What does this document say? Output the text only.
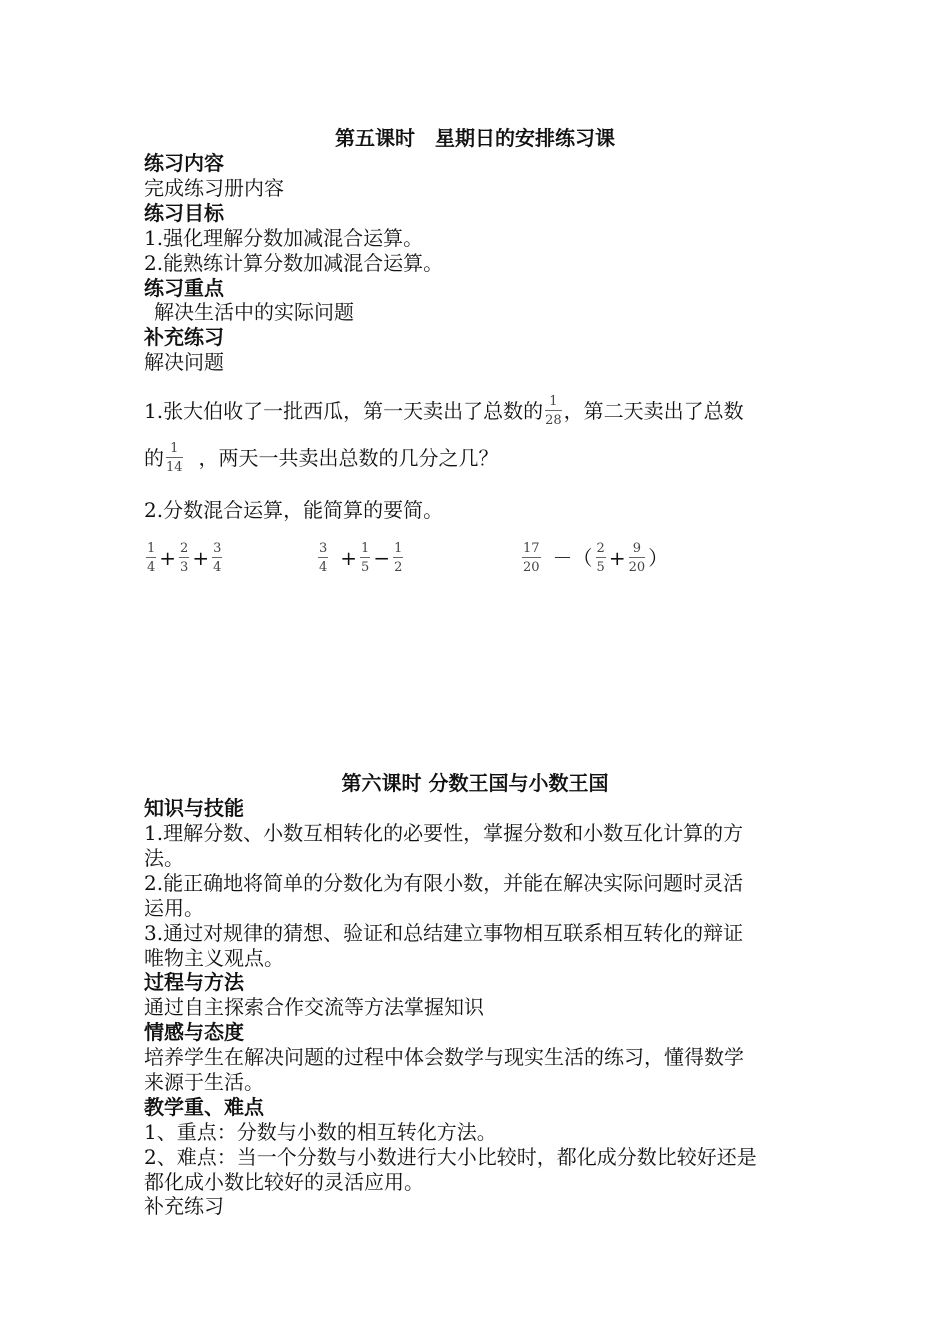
第五课时　星期日的安排练习课
练习内容
完成练习册内容
练习目标
1.强化理解分数加减混合运算。
2.能熟练计算分数加减混合运算。
练习重点
解决生活中的实际问题
补充练习
解决问题
1.张大伯收了一批西瓜，第一天卖出了总数的 $\frac{1}{28}$ ，第二天卖出了总数
的 $\frac{1}{14}$ ，两天一共卖出总数的几分之几？
2.分数混合运算，能简算的要简。
$\frac{1}{4} + \frac{2}{3} + \frac{3}{4}$	$\frac{3}{4} + \frac{1}{5} - \frac{1}{2}$	$\frac{17}{20}$ －（ $\frac{2}{5} + \frac{9}{20}$ ）
第六课时 分数王国与小数王国
知识与技能
1.理解分数、小数互相转化的必要性，掌握分数和小数互化计算的方
法。
2.能正确地将简单的分数化为有限小数，并能在解决实际问题时灵活
运用。
3.通过对规律的猜想、验证和总结建立事物相互联系相互转化的辩证
唯物主义观点。
过程与方法
通过自主探索合作交流等方法掌握知识
情感与态度
培养学生在解决问题的过程中体会数学与现实生活的练习，懂得数学
来源于生活。
教学重、难点
1、重点：分数与小数的相互转化方法。
2、难点：当一个分数与小数进行大小比较时，都化成分数比较好还是
都化成小数比较好的灵活应用。
补充练习
